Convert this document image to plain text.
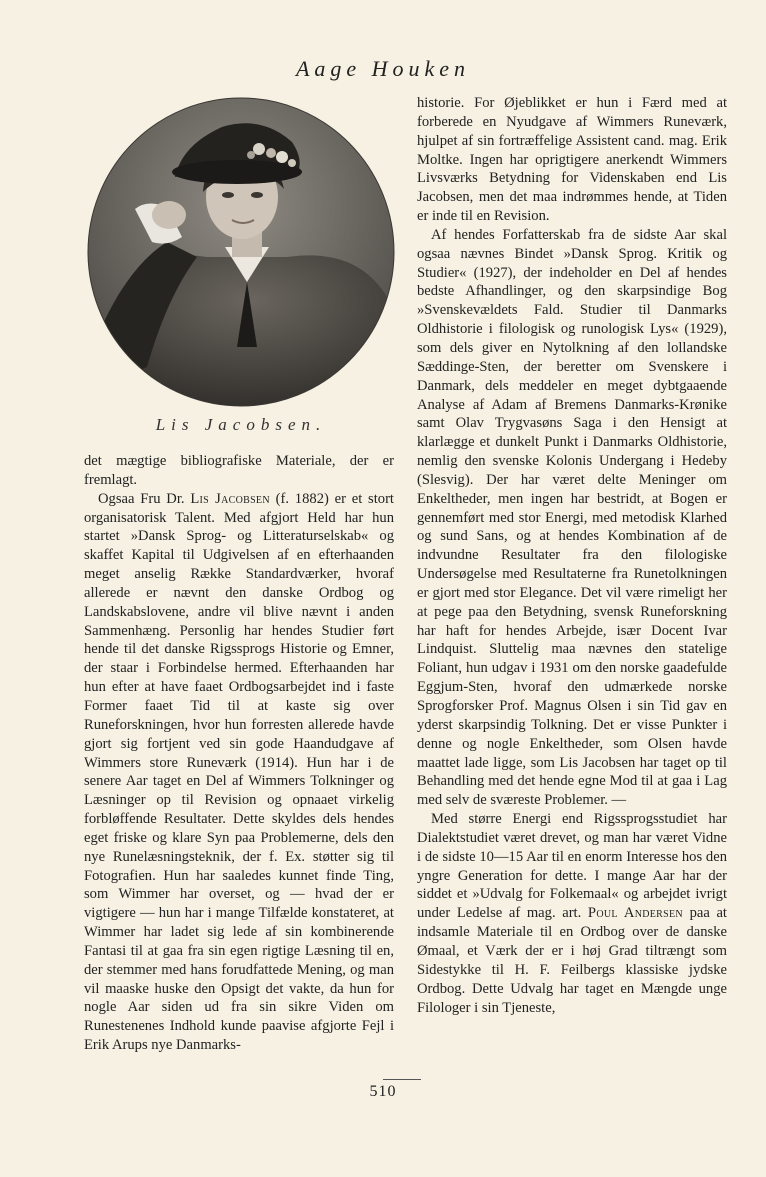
Aage Houken
Lis Jacobsen.

det mægtige bibliografiske Materiale, der er fremlagt.

Ogsaa Fru Dr. Lis Jacobsen (f. 1882) er et stort organisatorisk Talent. Med afgjort Held har hun startet »Dansk Sprog- og Litteraturselskab« og skaffet Kapital til Udgivelsen af en efterhaanden meget anselig Række Standardværker, hvoraf allerede er nævnt den danske Ordbog og Landskabslovene, andre vil blive nævnt i anden Sammenhæng. Personlig har hendes Studier ført hende til det danske Rigssprogs Historie og Emner, der staar i Forbindelse hermed. Efterhaanden har hun efter at have faaet Ordbogsarbejdet ind i faste Former faaet Tid til at kaste sig over Runeforskningen, hvor hun forresten allerede havde gjort sig fortjent ved sin gode Haandudgave af Wimmers store Runeværk (1914). Hun har i de senere Aar taget en Del af Wimmers Tolkninger og Læsninger op til Revision og opnaaet virkelig forbløffende Resultater. Dette skyldes dels hendes eget friske og klare Syn paa Problemerne, dels den nye Runelæsningsteknik, der f. Ex. støtter sig til Fotografien. Hun har saaledes kunnet finde Ting, som Wimmer har overset, og — hvad der er vigtigere — hun har i mange Tilfælde konstateret, at Wimmer har ladet sig lede af sin kombinerende Fantasi til at gaa fra sin egen rigtige Læsning til en, der stemmer med hans forudfattede Mening, og man vil maaske huske den Opsigt det vakte, da hun for nogle Aar siden ud fra sin sikre Viden om Runestenenes Indhold kunde paavise afgjorte Fejl i Erik Arups nye Danmarks-

historie. For Øjeblikket er hun i Færd med at forberede en Nyudgave af Wimmers Runeværk, hjulpet af sin fortræffelige Assistent cand. mag. Erik Moltke. Ingen har oprigtigere anerkendt Wimmers Livsværks Betydning for Videnskaben end Lis Jacobsen, men det maa indrømmes hende, at Tiden er inde til en Revision.

Af hendes Forfatterskab fra de sidste Aar skal ogsaa nævnes Bindet »Dansk Sprog. Kritik og Studier« (1927), der indeholder en Del af hendes bedste Afhandlinger, og den skarpsindige Bog »Svenskevældets Fald. Studier til Danmarks Oldhistorie i filologisk og runologisk Lys« (1929), som dels giver en Nytolkning af den lollandske Sæddinge-Sten, der beretter om Svenskere i Danmark, dels meddeler en meget dybtgaaende Analyse af Adam af Bremens Danmarks-Krønike samt Olav Trygvasøns Saga i den Hensigt at klarlægge et dunkelt Punkt i Danmarks Oldhistorie, nemlig den svenske Kolonis Undergang i Hedeby (Slesvig). Der har været delte Meninger om Enkeltheder, men ingen har bestridt, at Bogen er gennemført med stor Energi, med metodisk Klarhed og sund Sans, og at hendes Kombination af de indvundne Resultater fra den filologiske Undersøgelse med Resultaterne fra Runetolkningen er gjort med stor Elegance. Det vil være rimeligt her at pege paa den Betydning, svensk Runeforskning har haft for hendes Arbejde, især Docent Ivar Lindquist. Sluttelig maa nævnes den statelige Foliant, hun udgav i 1931 om den norske gaadefulde Eggjum-Sten, hvoraf den udmærkede norske Sprogforsker Prof. Magnus Olsen i sin Tid gav en yderst skarpsindig Tolkning. Det er visse Punkter i denne og nogle Enkeltheder, som Olsen havde maattet lade ligge, som Lis Jacobsen har taget op til Behandling med det hende egne Mod til at gaa i Lag med selv de sværeste Problemer. —

Med større Energi end Rigssprogsstudiet har Dialektstudiet været drevet, og man har været Vidne i de sidste 10—15 Aar til en enorm Interesse hos den yngre Generation for dette. I mange Aar har der siddet et »Udvalg for Folkemaal« og arbejdet ivrigt under Ledelse af mag. art. Poul Andersen paa at indsamle Materiale til en Ordbog over de danske Ømaal, et Værk der er i høj Grad tiltrængt som Sidestykke til H. F. Feilbergs klassiske jydske Ordbog. Dette Udvalg har taget en Mængde unge Filologer i sin Tjeneste,

510
